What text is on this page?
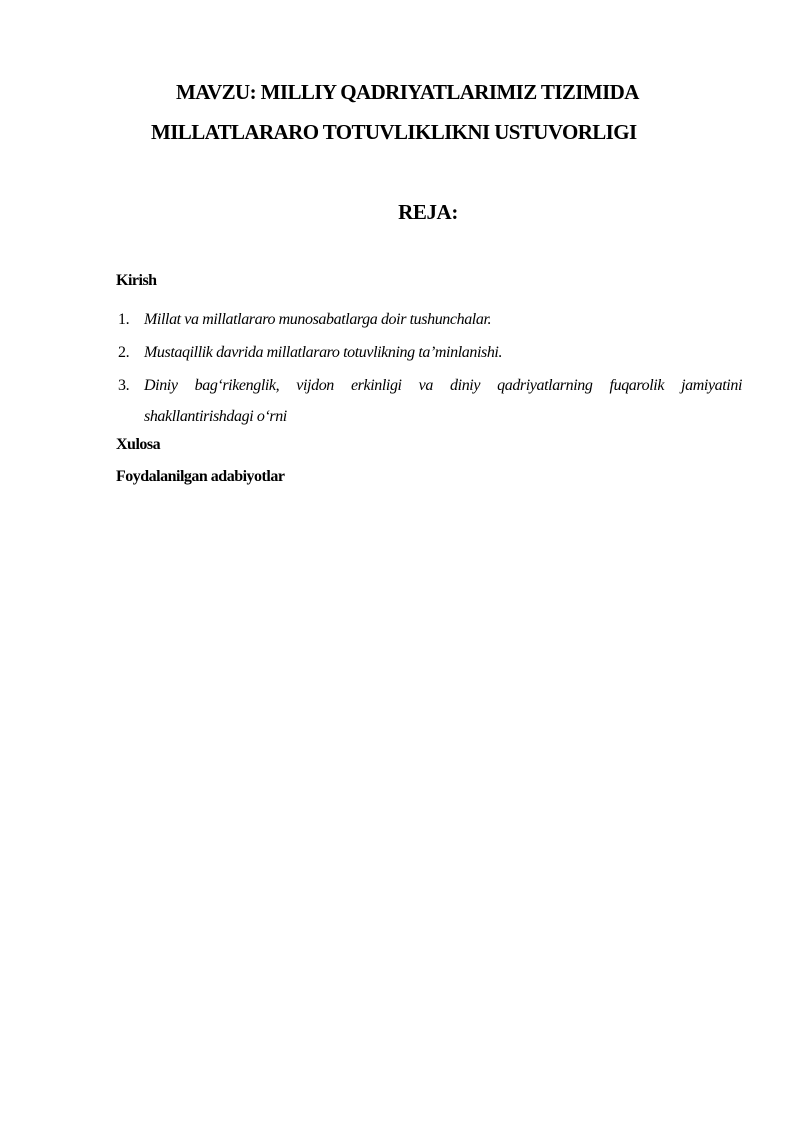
MAVZU: MILLIY QADRIYATLARIMIZ TIZIMIDA
MILLATLARARO TOTUVLIKLIKNI USTUVORLIGI
REJA:
Kirish
1. Millat va millatlararo munosabatlarga doir tushunchalar.
2. Mustaqillik davrida millatlararo totuvlikning ta’minlanishi.
3. Diniy bag‘rikenglik, vijdon erkinligi va diniy qadriyatlarning fuqarolik jamiyatini shakllantirishdagi o‘rni
Xulosa
Foydalanilgan adabiyotlar
